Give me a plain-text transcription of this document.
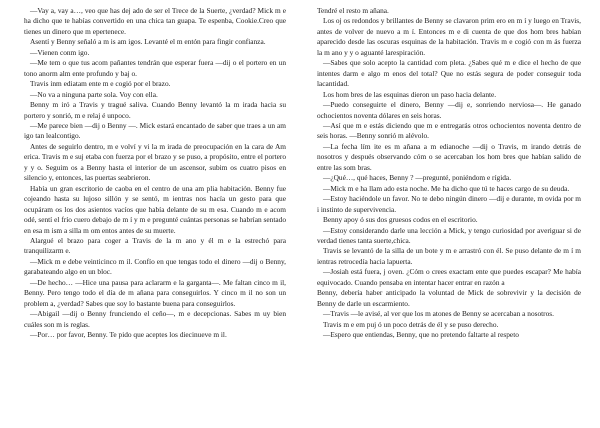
—Vay a, vay a…, veo que has dej ado de ser el Trece de la Suerte, ¿verdad? Mick m e ha dicho que te habías convertido en una chica tan guapa. Te espenba, Cookie.Creo que tienes un dinero que m epertenece.

Asentí y Benny señaló a m is am igos. Levanté el m entón para fingir confianza.

—Vienen conm igo.

—Me tem o que tus acom pañantes tendrán que esperar fuera —dij o el portero en un tono anorm alm ente profundo y baj o.

Travis inm ediatam ente m e cogió por el brazo.

—No va a ninguna parte sola. Voy con ella.

Benny m iró a Travis y tragué saliva. Cuando Benny levantó la m irada hacia su portero y sonrió, m e relaj é unpoco.

—Me parece bien —dij o Benny —. Mick estará encantado de saber que traes a un am igo tan lealcontigo.

Antes de seguirlo dentro, m e volví y vi la m irada de preocupación en la cara de Am erica. Travis m e suj etaba con fuerza por el brazo y se puso, a propósito, entre el portero y y o. Seguim os a Benny hasta el interior de un ascensor, subim os cuatro pisos en silencio y, entonces, las puertas seabrieron.

Había un gran escritorio de caoba en el centro de una am plia habitación. Benny fue cojeando hasta su lujoso sillón y se sentó, m ientras nos hacía un gesto para que ocupáram os los dos asientos vacíos que había delante de su m esa. Cuando m e acom odé, sentí el frío cuero debajo de m í y m e pregunté cuántas personas se habrían sentado en esa m ism a silla m om entos antes de su muerte.

Alargué el brazo para coger a Travis de la m ano y él m e la estrechó para tranquilizarm e.

—Mick m e debe veinticinco m il. Confío en que tengas todo el dinero —dij o Benny, garabateando algo en un bloc.

—De hecho… —Hice una pausa para aclararm e la garganta—. Me faltan cinco m il, Benny. Pero tengo todo el día de m añana para conseguirlos. Y cinco m il no son un problem a, ¿verdad? Sabes que soy lo bastante buena para conseguirlos.

—Abigail —dij o Benny frunciendo el ceño—, m e decepcionas. Sabes m uy bien cuáles son m is reglas.

—Por… por favor, Benny. Te pido que aceptes los diecinueve m il.

Tendré el resto m añana.

Los oj os redondos y brillantes de Benny se clavaron prim ero en m í y luego en Travis, antes de volver de nuevo a m í. Entonces m e di cuenta de que dos hom bres habían aparecido desde las oscuras esquinas de la habitación. Travis m e cogió con m ás fuerza la m ano y y o aguanté larespiración.

—Sabes que solo acepto la cantidad com pleta. ¿Sabes qué m e dice el hecho de que intentes darm e algo m enos del total? Que no estás segura de poder conseguir toda lacantidad.

Los hom bres de las esquinas dieron un paso hacia delante.

—Puedo conseguirte el dinero, Benny —dij e, sonriendo nerviosa—. He ganado ochocientos noventa dólares en seis horas.

—Así que m e estás diciendo que m e entregarás otros ochocientos noventa dentro de seis horas. —Benny sonrió m alévolo.

—La fecha lím ite es m añana a m edianoche —dij o Travis, m irando detrás de nosotros y después observando cóm o se acercaban los hom bres que habían salido de entre las som bras.

—¿Qué…, qué haces, Benny ? —pregunté, poniéndom e rígida.

—Mick m e ha llam ado esta noche. Me ha dicho que tú te haces cargo de su deuda.

—Estoy haciéndole un favor. No te debo ningún dinero —dij e durante, m ovida por m i instinto de supervivencia.

Benny apoy ó sus dos gruesos codos en el escritorio.

—Estoy considerando darle una lección a Mick, y tengo curiosidad por averiguar si de verdad tienes tanta suerte,chica.

Travis se levantó de la silla de un bote y m e arrastró con él. Se puso delante de m í m ientras retrocedía hacia lapuerta.

—Josiah está fuera, j oven. ¿Cóm o crees exactam ente que puedes escapar? Me había equivocado. Cuando pensaba en intentar hacer entrar en razón a

Benny, debería haber anticipado la voluntad de Mick de sobrevivir y la decisión de Benny de darle un escarmiento.

—Travis —le avisé, al ver que los m atones de Benny se acercaban a nosotros.

Travis m e em puj ó un poco detrás de él y se puso derecho.

—Espero que entiendas, Benny, que no pretendo faltarte al respeto
